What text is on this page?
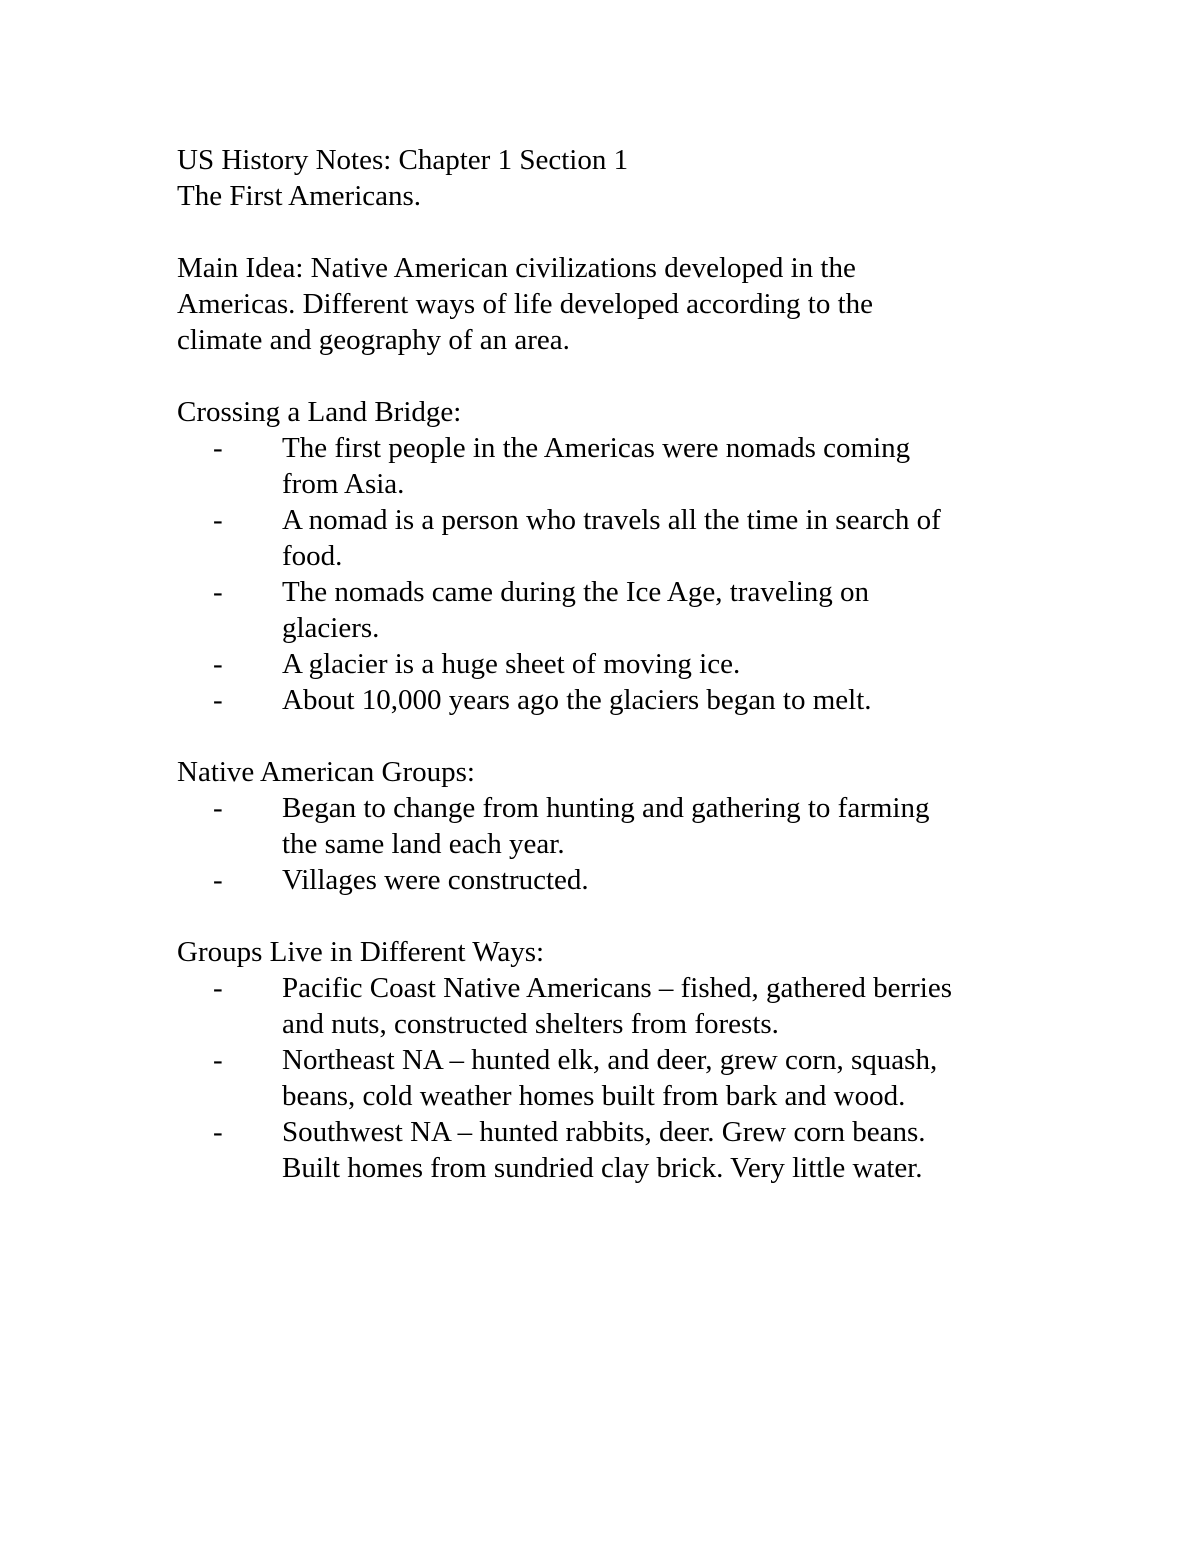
US History Notes: Chapter 1 Section 1
The First Americans.
Main Idea: Native American civilizations developed in the
Americas. Different ways of life developed according to the
climate and geography of an area.
Crossing a Land Bridge:
- The first people in the Americas were nomads coming
from Asia.
- A nomad is a person who travels all the time in search of
food.
- The nomads came during the Ice Age, traveling on
glaciers.
- A glacier is a huge sheet of moving ice.
- About 10,000 years ago the glaciers began to melt.
Native American Groups:
- Began to change from hunting and gathering to farming
the same land each year.
- Villages were constructed.
Groups Live in Different Ways:
- Pacific Coast Native Americans – fished, gathered berries
and nuts, constructed shelters from forests.
- Northeast NA – hunted elk, and deer, grew corn, squash,
beans, cold weather homes built from bark and wood.
- Southwest NA – hunted rabbits, deer. Grew corn beans.
Built homes from sundried clay brick. Very little water.
